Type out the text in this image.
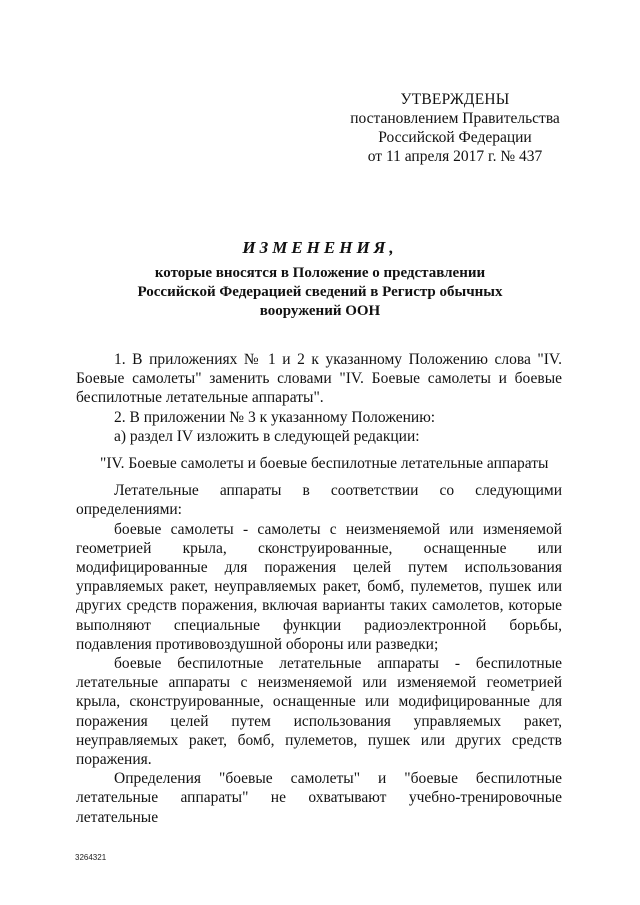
УТВЕРЖДЕНЫ
постановлением Правительства
Российской Федерации
от 11 апреля 2017 г. № 437
ИЗМЕНЕНИЯ,
которые вносятся в Положение о представлении
Российской Федерацией сведений в Регистр обычных
вооружений ООН

1. В приложениях № 1 и 2 к указанному Положению слова "IV. Боевые самолеты" заменить словами "IV. Боевые самолеты и боевые беспилотные летательные аппараты".

2. В приложении № 3 к указанному Положению:

а) раздел IV изложить в следующей редакции:

"IV. Боевые самолеты и боевые беспилотные летательные аппараты

Летательные аппараты в соответствии со следующими определениями:

боевые самолеты - самолеты с неизменяемой или изменяемой геометрией крыла, сконструированные, оснащенные или модифицированные для поражения целей путем использования управляемых ракет, неуправляемых ракет, бомб, пулеметов, пушек или других средств поражения, включая варианты таких самолетов, которые выполняют специальные функции радиоэлектронной борьбы, подавления противовоздушной обороны или разведки;

боевые беспилотные летательные аппараты - беспилотные летательные аппараты с неизменяемой или изменяемой геометрией крыла, сконструированные, оснащенные или модифицированные для поражения целей путем использования управляемых ракет, неуправляемых ракет, бомб, пулеметов, пушек или других средств поражения.

Определения "боевые самолеты" и "боевые беспилотные летательные аппараты" не охватывают учебно-тренировочные летательные

3264321
